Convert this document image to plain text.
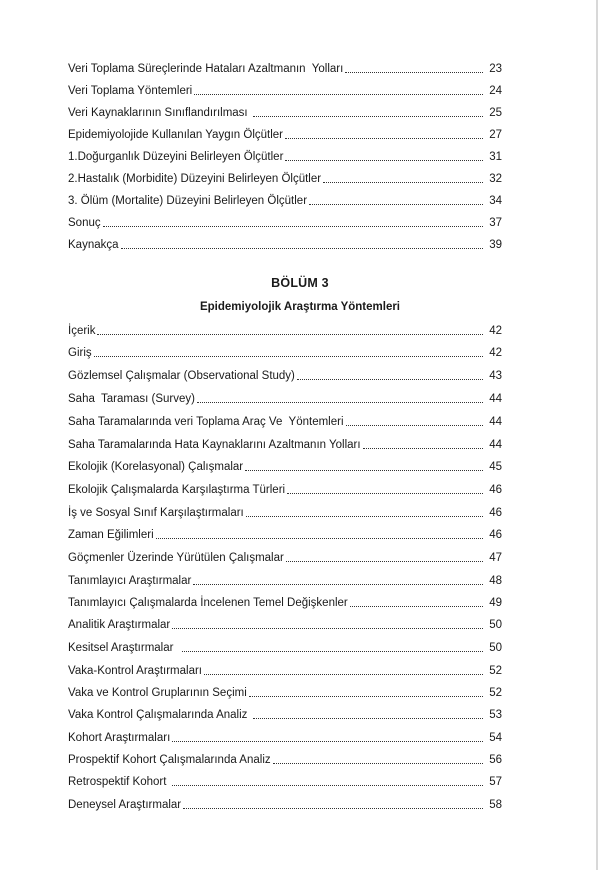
Veri Toplama Süreçlerinde Hataları Azaltmanın  Yolları	23
Veri Toplama Yöntemleri	24
Veri Kaynaklarının Sınıflandırılması	25
Epidemiyolojide Kullanılan Yaygın Ölçütler	27
1.Doğurganlık Düzeyini Belirleyen Ölçütler	31
2.Hastalık (Morbidite) Düzeyini Belirleyen Ölçütler	32
3. Ölüm (Mortalite) Düzeyini Belirleyen Ölçütler	34
Sonuç	37
Kaynakça	39
BÖLÜM 3
Epidemiyolojik Araştırma Yöntemleri
İçerik	42
Giriş	42
Gözlemsel Çalışmalar (Observational Study)	43
Saha  Taraması (Survey)	44
Saha Taramalarında veri Toplama Araç Ve  Yöntemleri	44
Saha Taramalarında Hata Kaynaklarını Azaltmanın Yolları	44
Ekolojik (Korelasyonal) Çalışmalar	45
Ekolojik Çalışmalarda Karşılaştırma Türleri	46
İş ve Sosyal Sınıf Karşılaştırmaları	46
Zaman Eğilimleri	46
Göçmenler Üzerinde Yürütülen Çalışmalar	47
Tanımlayıcı Araştırmalar	48
Tanımlayıcı Çalışmalarda İncelenen Temel Değişkenler	49
Analitik Araştırmalar	50
Kesitsel Araştırmalar	50
Vaka-Kontrol Araştırmaları	52
Vaka ve Kontrol Gruplarının Seçimi	52
Vaka Kontrol Çalışmalarında Analiz	53
Kohort Araştırmaları	54
Prospektif Kohort Çalışmalarında Analiz	56
Retrospektif Kohort	57
Deneysel Araştırmalar	58
